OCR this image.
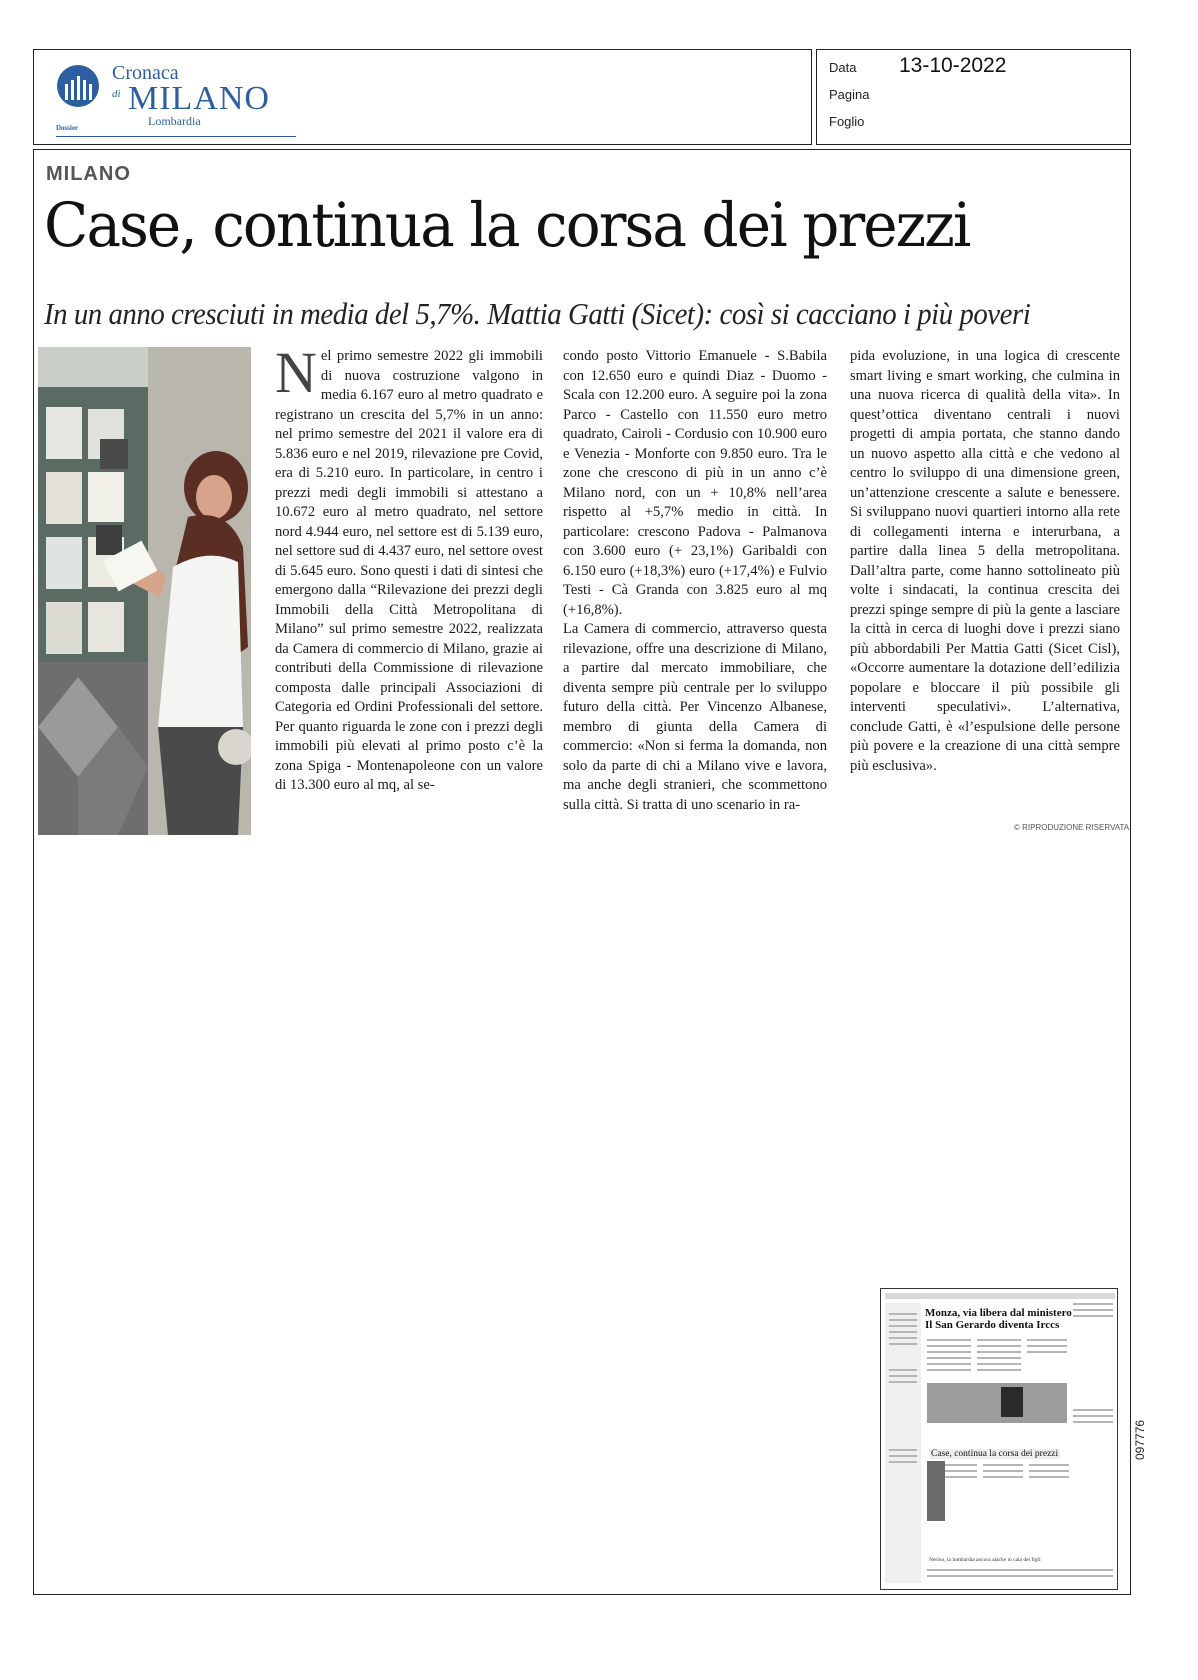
Cronaca
di MILANO
Lombardia
Dossier
Data 13-10-2022
Pagina
Foglio
MILANO
Case, continua la corsa dei prezzi
In un anno cresciuti in media del 5,7%. Mattia Gatti (Sicet): così si cacciano i più poveri
Nel primo semestre 2022 gli immobili di nuova costruzione valgono in media 6.167 euro al metro quadrato e registrano un crescita del 5,7% in un anno: nel primo semestre del 2021 il valore era di 5.836 euro e nel 2019, rilevazione pre Covid, era di 5.210 euro. In particolare, in centro i prezzi medi degli immobili si attestano a 10.672 euro al metro quadrato, nel settore nord 4.944 euro, nel settore est di 5.139 euro, nel settore sud di 4.437 euro, nel settore ovest di 5.645 euro. Sono questi i dati di sintesi che emergono dalla “Rilevazione dei prezzi degli Immobili della Città Metropolitana di Milano” sul primo semestre 2022, realizzata da Camera di commercio di Milano, grazie ai contributi della Commissione di rilevazione composta dalle principali Associazioni di Categoria ed Ordini Professionali del settore. Per quanto riguarda le zone con i prezzi degli immobili più elevati al primo posto c’è la zona Spiga - Montenapoleone con un valore di 13.300 euro al mq, al se-
condo posto Vittorio Emanuele - S.Babila con 12.650 euro e quindi Diaz - Duomo - Scala con 12.200 euro. A seguire poi la zona Parco - Castello con 11.550 euro metro quadrato, Cairoli - Cordusio con 10.900 euro e Venezia - Monforte con 9.850 euro. Tra le zone che crescono di più in un anno c’è Milano nord, con un + 10,8% nell’area rispetto al +5,7% medio in città. In particolare: crescono Padova - Palmanova con 3.600 euro (+ 23,1%) Garibaldi con 6.150 euro (+18,3%) euro (+17,4%) e Fulvio Testi - Cà Granda con 3.825 euro al mq (+16,8%).
La Camera di commercio, attraverso questa rilevazione, offre una descrizione di Milano, a partire dal mercato immobiliare, che diventa sempre più centrale per lo sviluppo futuro della città. Per Vincenzo Albanese, membro di giunta della Camera di commercio: «Non si ferma la domanda, non solo da parte di chi a Milano vive e lavora, ma anche degli stranieri, che scommettono sulla città. Si tratta di uno scenario in ra-
pida evoluzione, in una logica di crescente smart living e smart working, che culmina in una nuova ricerca di qualità della vita». In quest’ottica diventano centrali i nuovi progetti di ampia portata, che stanno dando un nuovo aspetto alla città e che vedono al centro lo sviluppo di una dimensione green, un’attenzione crescente a salute e benessere. Si sviluppano nuovi quartieri intorno alla rete di collegamenti interna e interurbana, a partire dalla linea 5 della metropolitana. Dall’altra parte, come hanno sottolineato più volte i sindacati, la continua crescita dei prezzi spinge sempre di più la gente a lasciare la città in cerca di luoghi dove i prezzi siano più abbordabili Per Mattia Gatti (Sicet Cisl), «Occorre aumentare la dotazione dell’edilizia popolare e bloccare il più possibile gli interventi speculativi». L’alternativa, conclude Gatti, è «l’espulsione delle persone più povere e la creazione di una città sempre più esclusiva».
© RIPRODUZIONE RISERVATA
Monza, via libera dal ministero Il San Gerardo diventa Irccs
Case, continua la corsa dei prezzi
Nerino, la lombardia ancora alache in cala dei figli
097776
